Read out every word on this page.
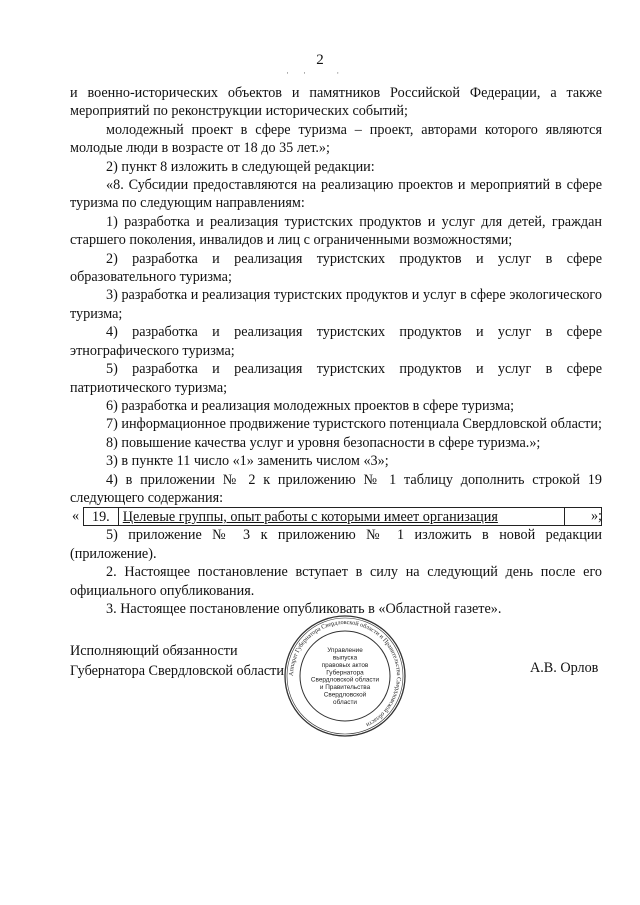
2
·· ·

и военно-исторических объектов и памятников Российской Федерации, а также мероприятий по реконструкции исторических событий;

молодежный проект в сфере туризма – проект, авторами которого являются молодые люди в возрасте от 18 до 35 лет.»;

2) пункт 8 изложить в следующей редакции:

«8. Субсидии предоставляются на реализацию проектов и мероприятий в сфере туризма по следующим направлениям:

1) разработка и реализация туристских продуктов и услуг для детей, граждан старшего поколения, инвалидов и лиц с ограниченными возможностями;

2) разработка и реализация туристских продуктов и услуг в сфере образовательного туризма;

3) разработка и реализация туристских продуктов и услуг в сфере экологического туризма;

4) разработка и реализация туристских продуктов и услуг в сфере этнографического туризма;

5) разработка и реализация туристских продуктов и услуг в сфере патриотического туризма;

6) разработка и реализация молодежных проектов в сфере туризма;

7) информационное продвижение туристского потенциала Свердловской области;

8) повышение качества услуг и уровня безопасности в сфере туризма.»;

3) в пункте 11 число «1» заменить числом «3»;

4) в приложении № 2 к приложению № 1 таблицу дополнить строкой 19 следующего содержания:

« 19.	Целевые группы, опыт работы с которыми имеет организация		»;

5) приложение № 3 к приложению № 1 изложить в новой редакции (приложение).

2. Настоящее постановление вступает в силу на следующий день после его официального опубликования.

3. Настоящее постановление опубликовать в «Областной газете».

Исполняющий обязанности
Губернатора Свердловской области Аппарат Губернатора Свердловской области и Правительства Свердловской области
Управление
выпуска
правовых актов
Губернатора
Свердловской области
и Правительства
Свердловской
области
А.В. Орлов
